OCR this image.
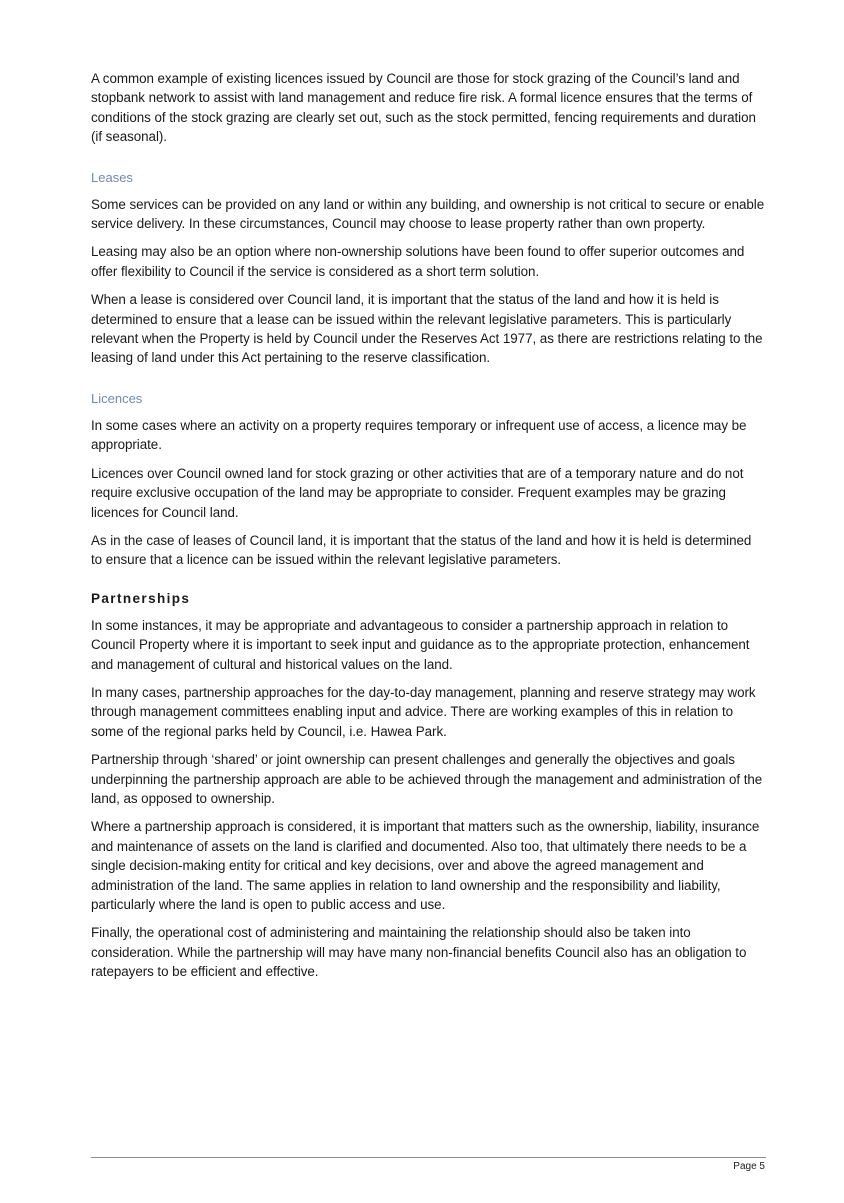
A common example of existing licences issued by Council are those for stock grazing of the Council’s land and stopbank network to assist with land management and reduce fire risk. A formal licence ensures that the terms of conditions of the stock grazing are clearly set out, such as the stock permitted, fencing requirements and duration (if seasonal).

Leases

Some services can be provided on any land or within any building, and ownership is not critical to secure or enable service delivery. In these circumstances, Council may choose to lease property rather than own property.

Leasing may also be an option where non-ownership solutions have been found to offer superior outcomes and offer flexibility to Council if the service is considered as a short term solution.

When a lease is considered over Council land, it is important that the status of the land and how it is held is determined to ensure that a lease can be issued within the relevant legislative parameters. This is particularly relevant when the Property is held by Council under the Reserves Act 1977, as there are restrictions relating to the leasing of land under this Act pertaining to the reserve classification.

Licences

In some cases where an activity on a property requires temporary or infrequent use of access, a licence may be appropriate.

Licences over Council owned land for stock grazing or other activities that are of a temporary nature and do not require exclusive occupation of the land may be appropriate to consider. Frequent examples may be grazing licences for Council land.

As in the case of leases of Council land, it is important that the status of the land and how it is held is determined to ensure that a licence can be issued within the relevant legislative parameters.

Partnerships

In some instances, it may be appropriate and advantageous to consider a partnership approach in relation to Council Property where it is important to seek input and guidance as to the appropriate protection, enhancement and management of cultural and historical values on the land.

In many cases, partnership approaches for the day-to-day management, planning and reserve strategy may work through management committees enabling input and advice. There are working examples of this in relation to some of the regional parks held by Council, i.e. Hawea Park.

Partnership through ‘shared’ or joint ownership can present challenges and generally the objectives and goals underpinning the partnership approach are able to be achieved through the management and administration of the land, as opposed to ownership.

Where a partnership approach is considered, it is important that matters such as the ownership, liability, insurance and maintenance of assets on the land is clarified and documented. Also too, that ultimately there needs to be a single decision-making entity for critical and key decisions, over and above the agreed management and administration of the land. The same applies in relation to land ownership and the responsibility and liability, particularly where the land is open to public access and use.

Finally, the operational cost of administering and maintaining the relationship should also be taken into consideration. While the partnership will may have many non-financial benefits Council also has an obligation to ratepayers to be efficient and effective.

Page 5
